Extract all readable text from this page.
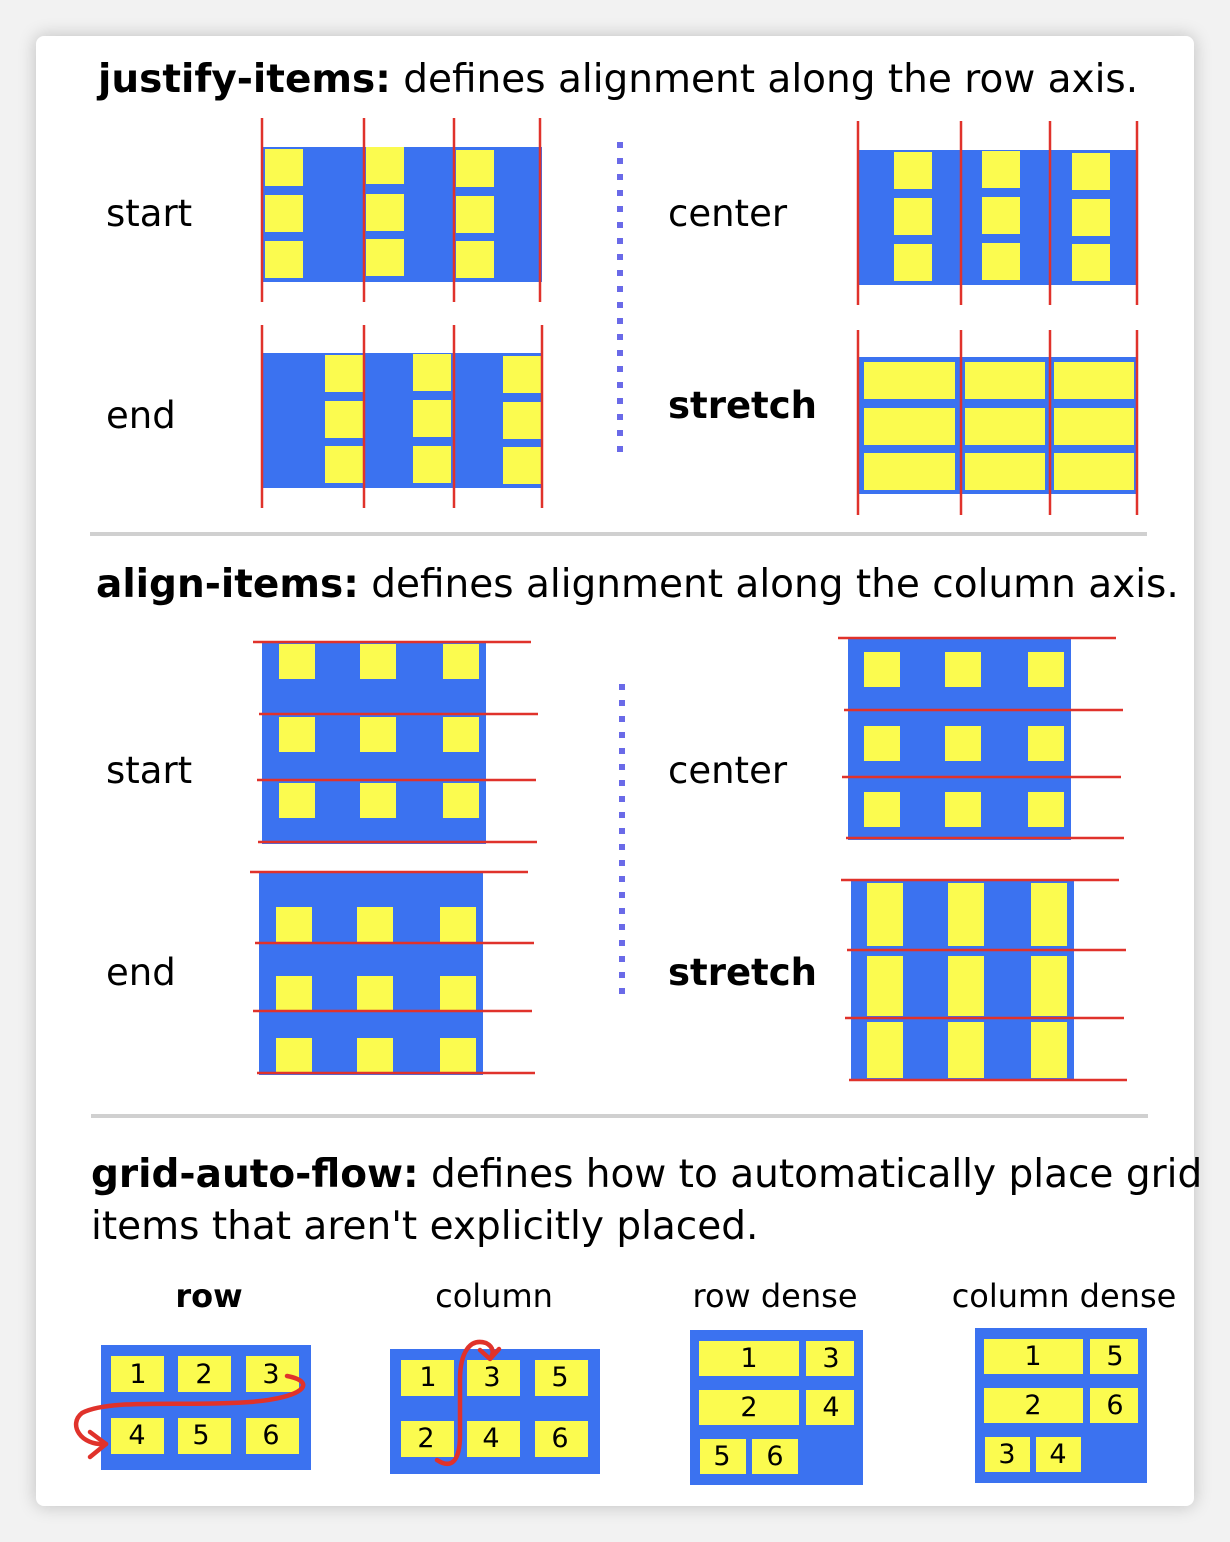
justify-items: defines alignment along the row axis.
start
end
center
stretch
align-items: defines alignment along the column axis.
start
end
center
stretch
grid-auto-flow: defines how to automatically place grid
items that aren't explicitly placed.
row	column	row dense	column dense
1 2 3
4 5 6
1 3 5
2 4 6
1 3
2 4
5 6
1 5
2 6
3 4
